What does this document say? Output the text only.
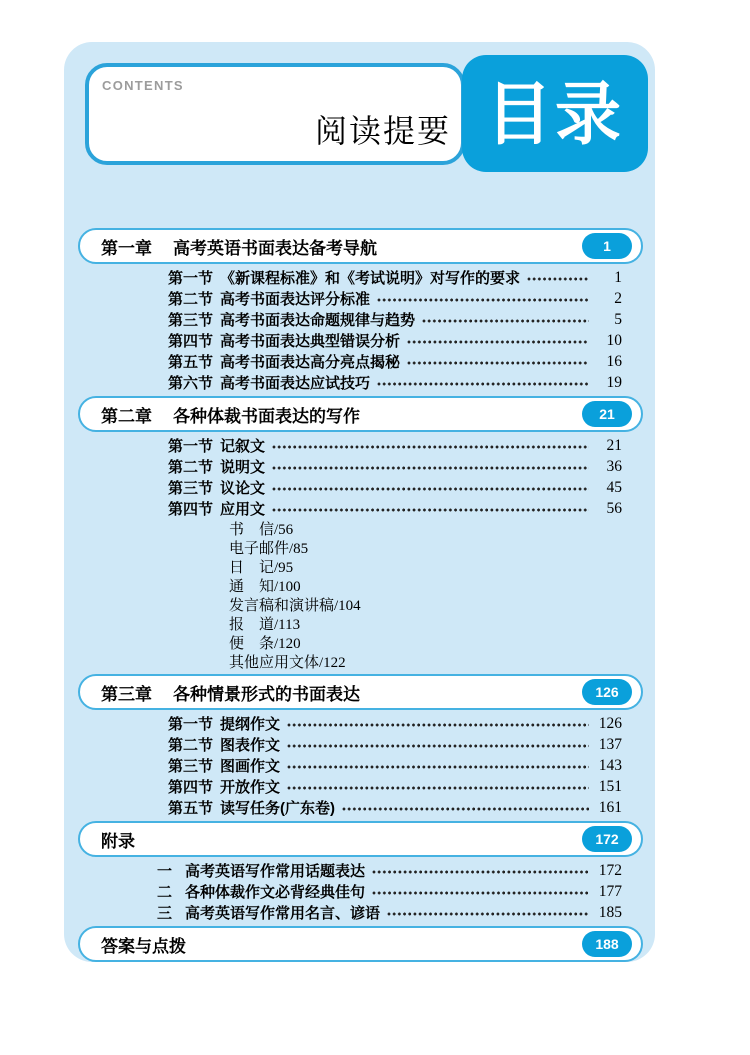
CONTENTS
阅读提要 目录
第一章 高考英语书面表达备考导航	1
第一节 《新课程标准》和《考试说明》对写作的要求	1
第二节 高考书面表达评分标准	2
第三节 高考书面表达命题规律与趋势	5
第四节 高考书面表达典型错误分析	10
第五节 高考书面表达高分亮点揭秘	16
第六节 高考书面表达应试技巧	19
第二章 各种体裁书面表达的写作	21
第一节 记叙文	21
第二节 说明文	36
第三节 议论文	45
第四节 应用文	56
书　信/56
电子邮件/85
日　记/95
通　知/100
发言稿和演讲稿/104
报　道/113
便　条/120
其他应用文体/122
第三章 各种情景形式的书面表达	126
第一节 提纲作文	126
第二节 图表作文	137
第三节 图画作文	143
第四节 开放作文	151
第五节 读写任务(广东卷)	161
附录	172
一 高考英语写作常用话题表达	172
二 各种体裁作文必背经典佳句	177
三 高考英语写作常用名言、谚语	185
答案与点拨	188
